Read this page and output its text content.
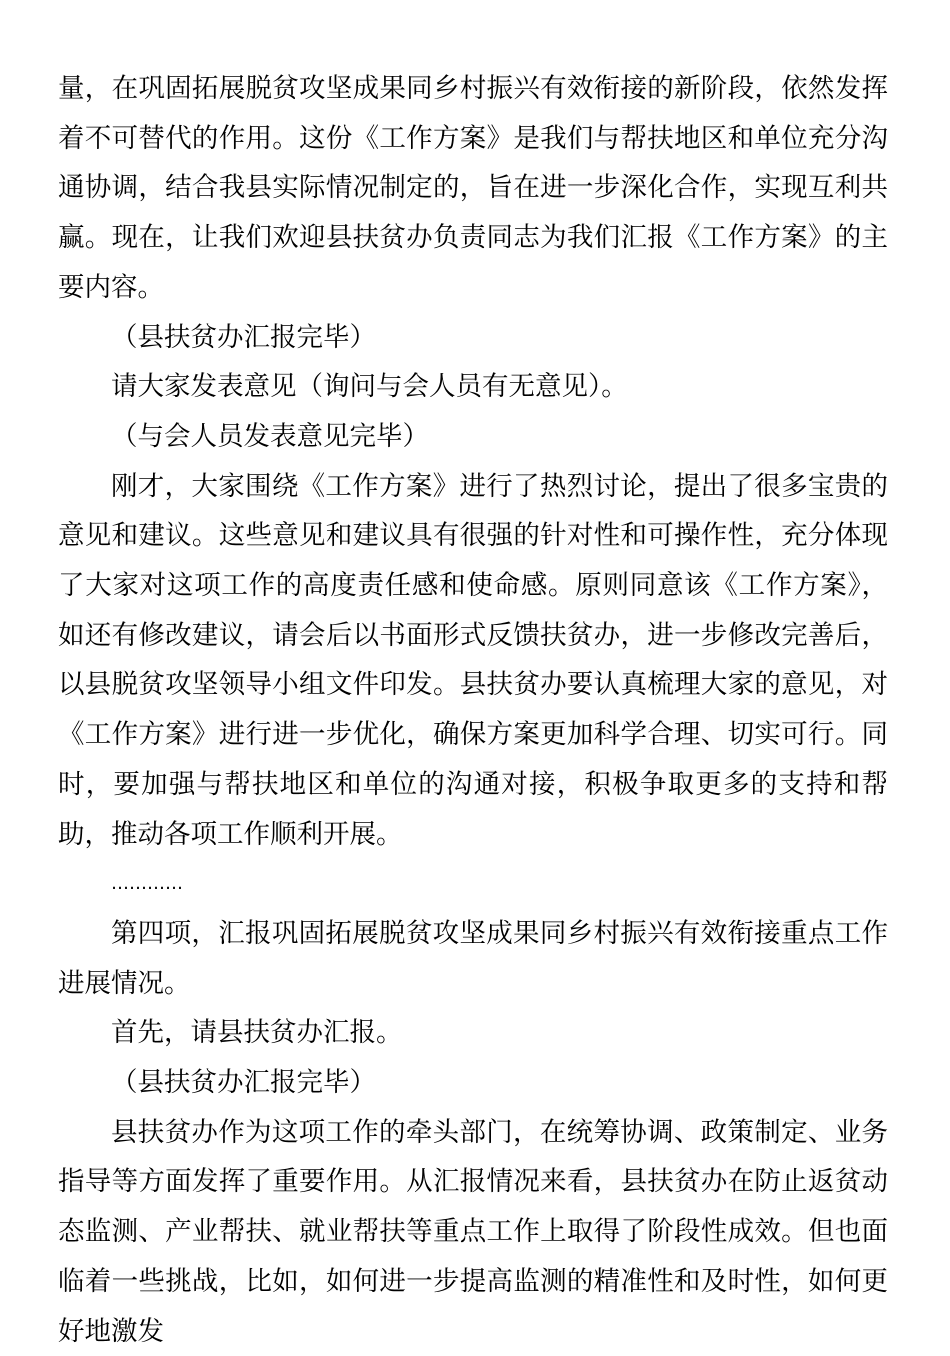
量，在巩固拓展脱贫攻坚成果同乡村振兴有效衔接的新阶段，依然发挥着不可替代的作用。这份《工作方案》是我们与帮扶地区和单位充分沟通协调，结合我县实际情况制定的，旨在进一步深化合作，实现互利共赢。现在，让我们欢迎县扶贫办负责同志为我们汇报《工作方案》的主要内容。

（县扶贫办汇报完毕）

请大家发表意见（询问与会人员有无意见）。

（与会人员发表意见完毕）

刚才，大家围绕《工作方案》进行了热烈讨论，提出了很多宝贵的意见和建议。这些意见和建议具有很强的针对性和可操作性，充分体现了大家对这项工作的高度责任感和使命感。原则同意该《工作方案》，如还有修改建议，请会后以书面形式反馈扶贫办，进一步修改完善后，以县脱贫攻坚领导小组文件印发。县扶贫办要认真梳理大家的意见，对《工作方案》进行进一步优化，确保方案更加科学合理、切实可行。同时，要加强与帮扶地区和单位的沟通对接，积极争取更多的支持和帮助，推动各项工作顺利开展。

…………

第四项，汇报巩固拓展脱贫攻坚成果同乡村振兴有效衔接重点工作进展情况。

首先，请县扶贫办汇报。

（县扶贫办汇报完毕）

县扶贫办作为这项工作的牵头部门，在统筹协调、政策制定、业务指导等方面发挥了重要作用。从汇报情况来看，县扶贫办在防止返贫动态监测、产业帮扶、就业帮扶等重点工作上取得了阶段性成效。但也面临着一些挑战，比如，如何进一步提高监测的精准性和及时性，如何更好地激发
